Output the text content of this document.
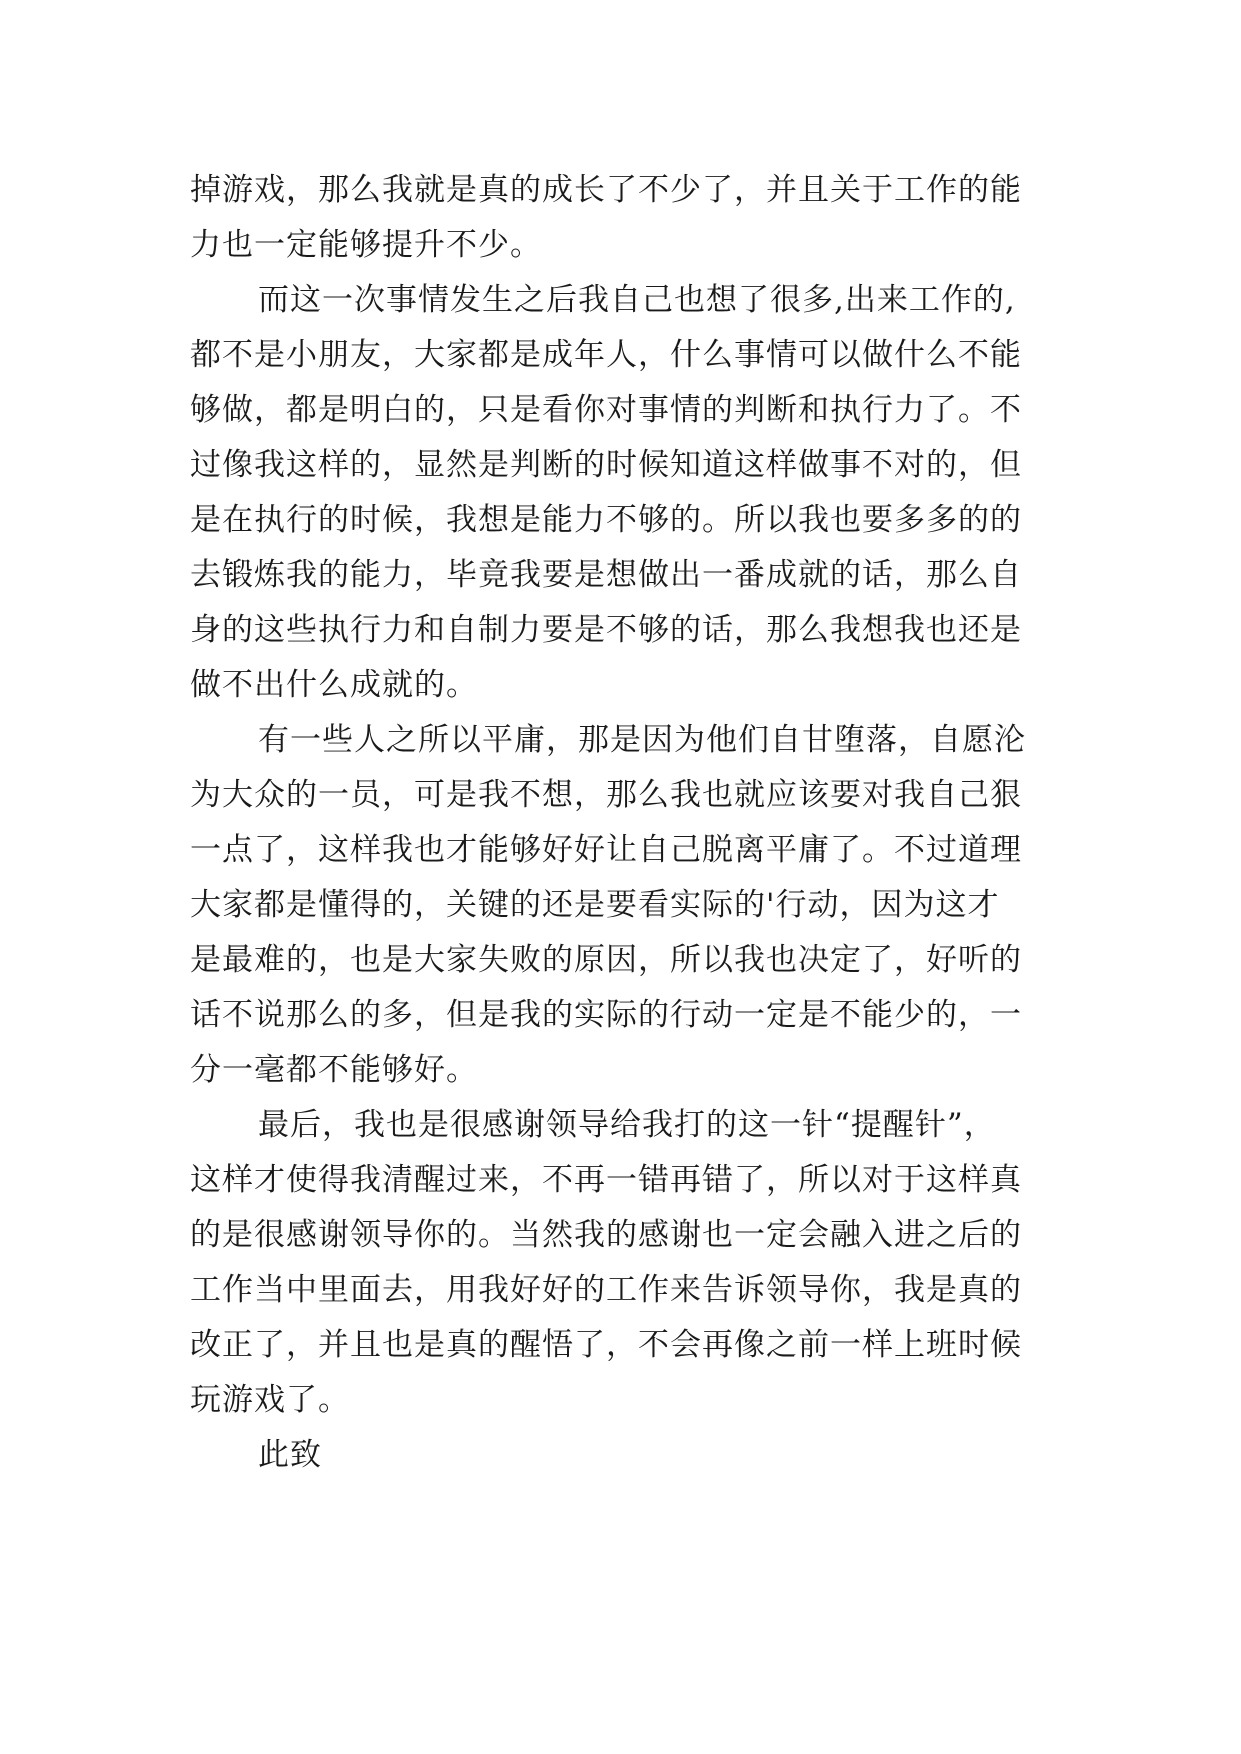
掉游戏，那么我就是真的成长了不少了，并且关于工作的能
力也一定能够提升不少。
而这一次事情发生之后我自己也想了很多,出来工作的,
都不是小朋友，大家都是成年人，什么事情可以做什么不能
够做，都是明白的，只是看你对事情的判断和执行力了。不
过像我这样的，显然是判断的时候知道这样做事不对的，但
是在执行的时候，我想是能力不够的。所以我也要多多的的
去锻炼我的能力，毕竟我要是想做出一番成就的话，那么自
身的这些执行力和自制力要是不够的话，那么我想我也还是
做不出什么成就的。
有一些人之所以平庸，那是因为他们自甘堕落，自愿沦
为大众的一员，可是我不想，那么我也就应该要对我自己狠
一点了，这样我也才能够好好让自己脱离平庸了。不过道理
大家都是懂得的，关键的还是要看实际的'行动，因为这才
是最难的，也是大家失败的原因，所以我也决定了，好听的
话不说那么的多，但是我的实际的行动一定是不能少的，一
分一毫都不能够好。
最后，我也是很感谢领导给我打的这一针“提醒针”，
这样才使得我清醒过来，不再一错再错了，所以对于这样真
的是很感谢领导你的。当然我的感谢也一定会融入进之后的
工作当中里面去，用我好好的工作来告诉领导你，我是真的
改正了，并且也是真的醒悟了，不会再像之前一样上班时候
玩游戏了。
此致
